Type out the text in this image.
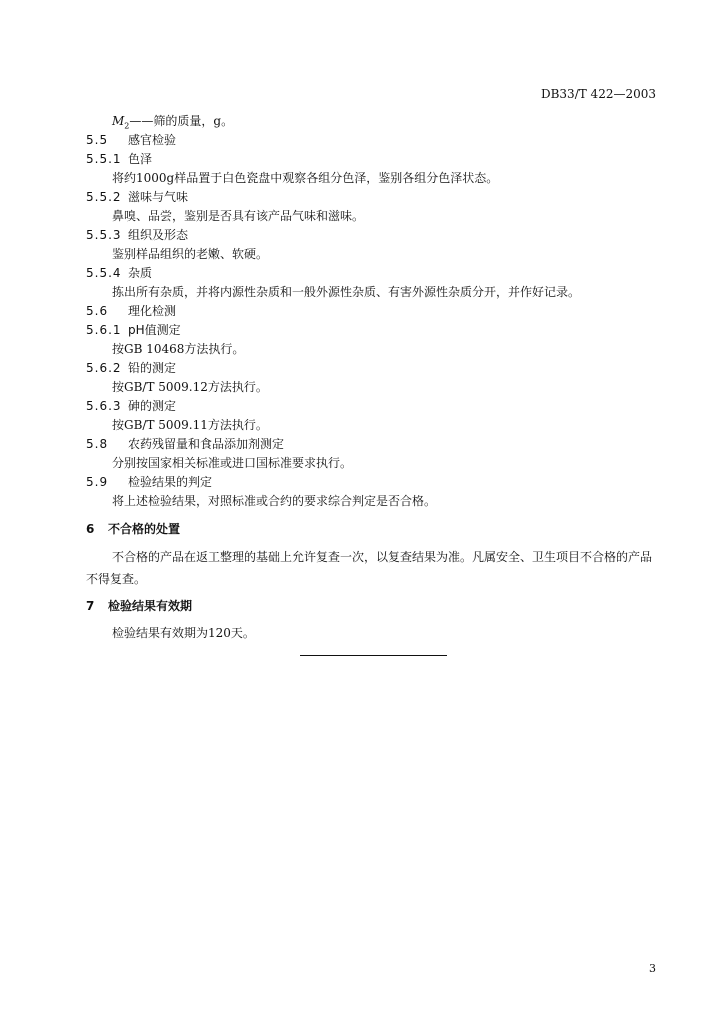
DB33/T 422—2003
$M_2——$筛的质量，g。
5.5 感官检验
5.5.1 色泽
将约1000g样品置于白色瓷盘中观察各组分色泽，鉴别各组分色泽状态。
5.5.2 滋味与气味
鼻嗅、品尝，鉴别是否具有该产品气味和滋味。
5.5.3 组织及形态
鉴别样品组织的老嫩、软硬。
5.5.4 杂质
拣出所有杂质，并将内源性杂质和一般外源性杂质、有害外源性杂质分开，并作好记录。
5.6 理化检测
5.6.1 pH值测定
按GB 10468方法执行。
5.6.2 铅的测定
按GB/T 5009.12方法执行。
5.6.3 砷的测定
按GB/T 5009.11方法执行。
5.8 农药残留量和食品添加剂测定
分别按国家相关标准或进口国标准要求执行。
5.9 检验结果的判定
将上述检验结果，对照标准或合约的要求综合判定是否合格。
6 不合格的处置
不合格的产品在返工整理的基础上允许复查一次，以复查结果为准。凡属安全、卫生项目不合格的产品不得复查。
7 检验结果有效期
检验结果有效期为120天。
3
